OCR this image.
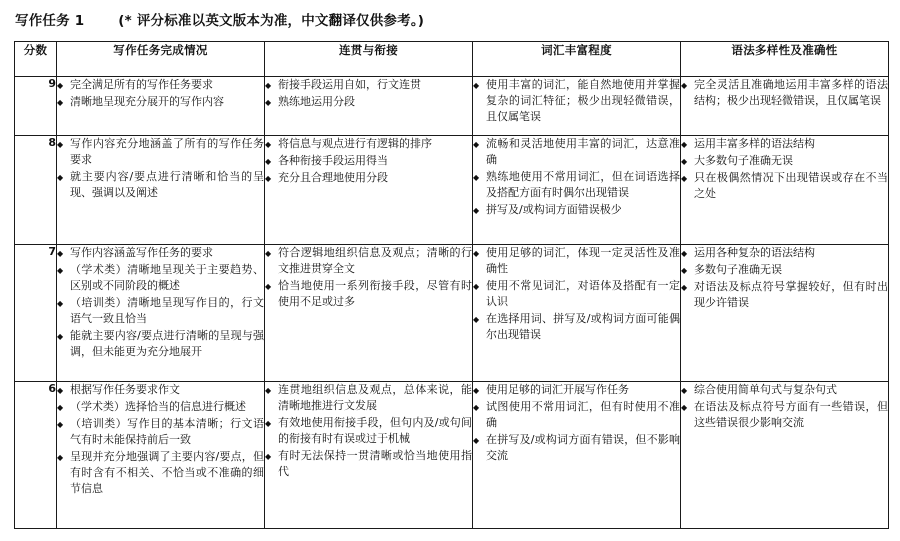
写作任务 1	(* 评分标准以英文版本为准，中文翻译仅供参考。)
分数	写作任务完成情况	连贯与衔接	词汇丰富程度	语法多样性及准确性
9	
◆完全满足所有的写作任务要求
◆ 清晰地呈现充分展开的写作内容

◆ 衔接手段运用自如，行文连贯
◆ 熟练地运用分段

◆ 使用丰富的词汇，能自然地使用并掌握复杂的词汇特征；极少出现轻微错误，且仅属笔误

◆ 完全灵活且准确地运用丰富多样的语法结构；极少出现轻微错误，且仅属笔误

8	
◆写作内容充分地涵盖了所有的写作任务要求
◆ 就主要内容/要点进行清晰和恰当的呈现、强调以及阐述

◆ 将信息与观点进行有逻辑的排序
◆ 各种衔接手段运用得当
◆ 充分且合理地使用分段

◆ 流畅和灵活地使用丰富的词汇，达意准确
◆ 熟练地使用不常用词汇，但在词语选择及搭配方面有时偶尔出现错误
◆ 拼写及/或构词方面错误极少

◆ 运用丰富多样的语法结构
◆ 大多数句子准确无误
◆ 只在极偶然情况下出现错误或存在不当之处

7	
◆写作内容涵盖写作任务的要求
◆ （学术类）清晰地呈现关于主要趋势、区别或不同阶段的概述
◆ （培训类）清晰地呈现写作目的，行文语气一致且恰当
◆ 能就主要内容/要点进行清晰的呈现与强调，但未能更为充分地展开

◆ 符合逻辑地组织信息及观点；清晰的行文推进贯穿全文
◆ 恰当地使用一系列衔接手段，尽管有时使用不足或过多

◆ 使用足够的词汇，体现一定灵活性及准确性
◆ 使用不常见词汇，对语体及搭配有一定认识
◆ 在选择用词、拼写及/或构词方面可能偶尔出现错误

◆ 运用各种复杂的语法结构
◆ 多数句子准确无误
◆ 对语法及标点符号掌握较好，但有时出现少许错误

6	
◆根据写作任务要求作文
◆ （学术类）选择恰当的信息进行概述
◆ （培训类）写作目的基本清晰；行文语气有时未能保持前后一致
◆ 呈现并充分地强调了主要内容/要点，但有时含有不相关、不恰当或不准确的细节信息

◆ 连贯地组织信息及观点，总体来说，能清晰地推进行文发展
◆ 有效地使用衔接手段，但句内及/或句间的衔接有时有误或过于机械
◆ 有时无法保持一贯清晰或恰当地使用指代

◆ 使用足够的词汇开展写作任务
◆ 试图使用不常用词汇，但有时使用不准确
◆ 在拼写及/或构词方面有错误，但不影响交流

◆ 综合使用简单句式与复杂句式
◆ 在语法及标点符号方面有一些错误，但这些错误很少影响交流
